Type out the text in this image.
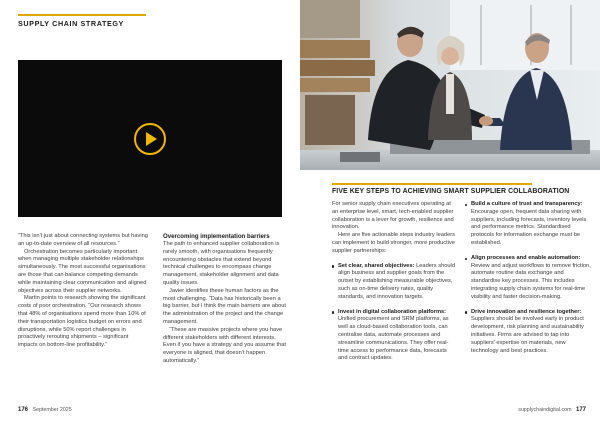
SUPPLY CHAIN STRATEGY

“This isn’t just about connecting systems but having an up-to-date overview of all resources.”

Orchestration becomes particularly important when managing multiple stakeholder relationships simultaneously. The most successful organisations are those that can balance competing demands while maintaining clear communication and aligned objectives across their supplier networks.

Martin points to research showing the significant costs of poor orchestration. “Our research shows that 48% of organisations spend more than 10% of their transportation logistics budget on errors and disruptions, while 50% report challenges in proactively rerouting shipments – significant impacts on bottom-line profitability.”

Overcoming implementation barriers

The path to enhanced supplier collaboration is rarely smooth, with organisations frequently encountering obstacles that extend beyond technical challenges to encompass change management, stakeholder alignment and data quality issues.

Javier identifies these human factors as the most challenging. “Data has historically been a big barrier, but I think the main barriers are about the administration of the project and the change management.

“These are massive projects where you have different stakeholders with different interests. Even if you have a strategy and you assume that everyone is aligned, that doesn’t happen automatically.”

176 September 2025
FIVE KEY STEPS TO ACHIEVING SMART SUPPLIER COLLABORATION

For senior supply chain executives operating at an enterprise level, smart, tech-enabled supplier collaboration is a lever for growth, resilience and innovation.

Here are five actionable steps industry leaders can implement to build stronger, more productive supplier partnerships:

Set clear, shared objectives: Leaders should align business and supplier goals from the outset by establishing measurable objectives, such as on-time delivery rates, quality standards, and innovation targets.

Invest in digital collaboration platforms: Unified procurement and SRM platforms, as well as cloud-based collaboration tools, can centralise data, automate processes and streamline communications. They offer real-time access to performance data, forecasts and contract updates.

Build a culture of trust and transparency: Encourage open, frequent data sharing with suppliers, including forecasts, inventory levels and performance metrics. Standardised protocols for information exchange must be established.

Align processes and enable automation: Review and adjust workflows to remove friction, automate routine data exchange and standardise key processes. This includes integrating supply chain systems for real-time visibility and faster decision-making.

Drive innovation and resilience together: Suppliers should be involved early in product development, risk planning and sustainability initiatives. Firms are advised to tap into suppliers’ expertise on materials, new technology and best practices.

supplychaindigital.com 177
